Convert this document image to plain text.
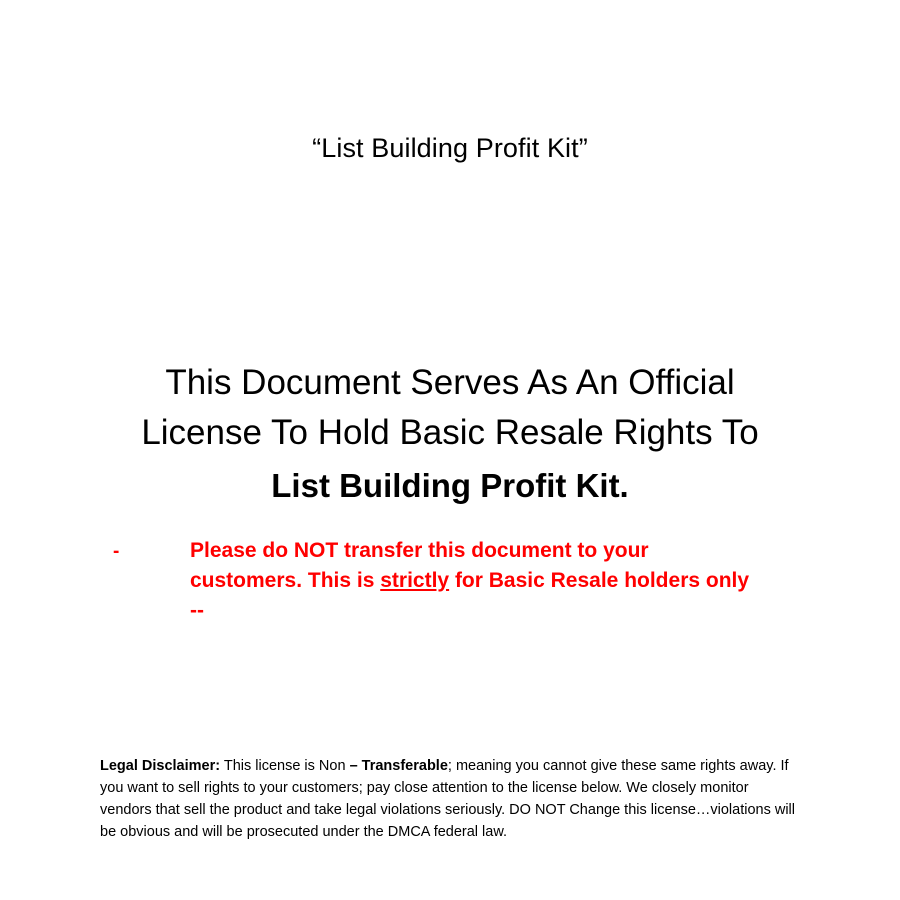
“List Building Profit Kit”
This Document Serves As An Official
License To Hold Basic Resale Rights To
List Building Profit Kit.
-	Please do NOT transfer this document to your customers. This is strictly for Basic Resale holders only --
Legal Disclaimer: This license is Non – Transferable; meaning you cannot give these same rights away. If you want to sell rights to your customers; pay close attention to the license below. We closely monitor vendors that sell the product and take legal violations seriously. DO NOT Change this license…violations will be obvious and will be prosecuted under the DMCA federal law.
